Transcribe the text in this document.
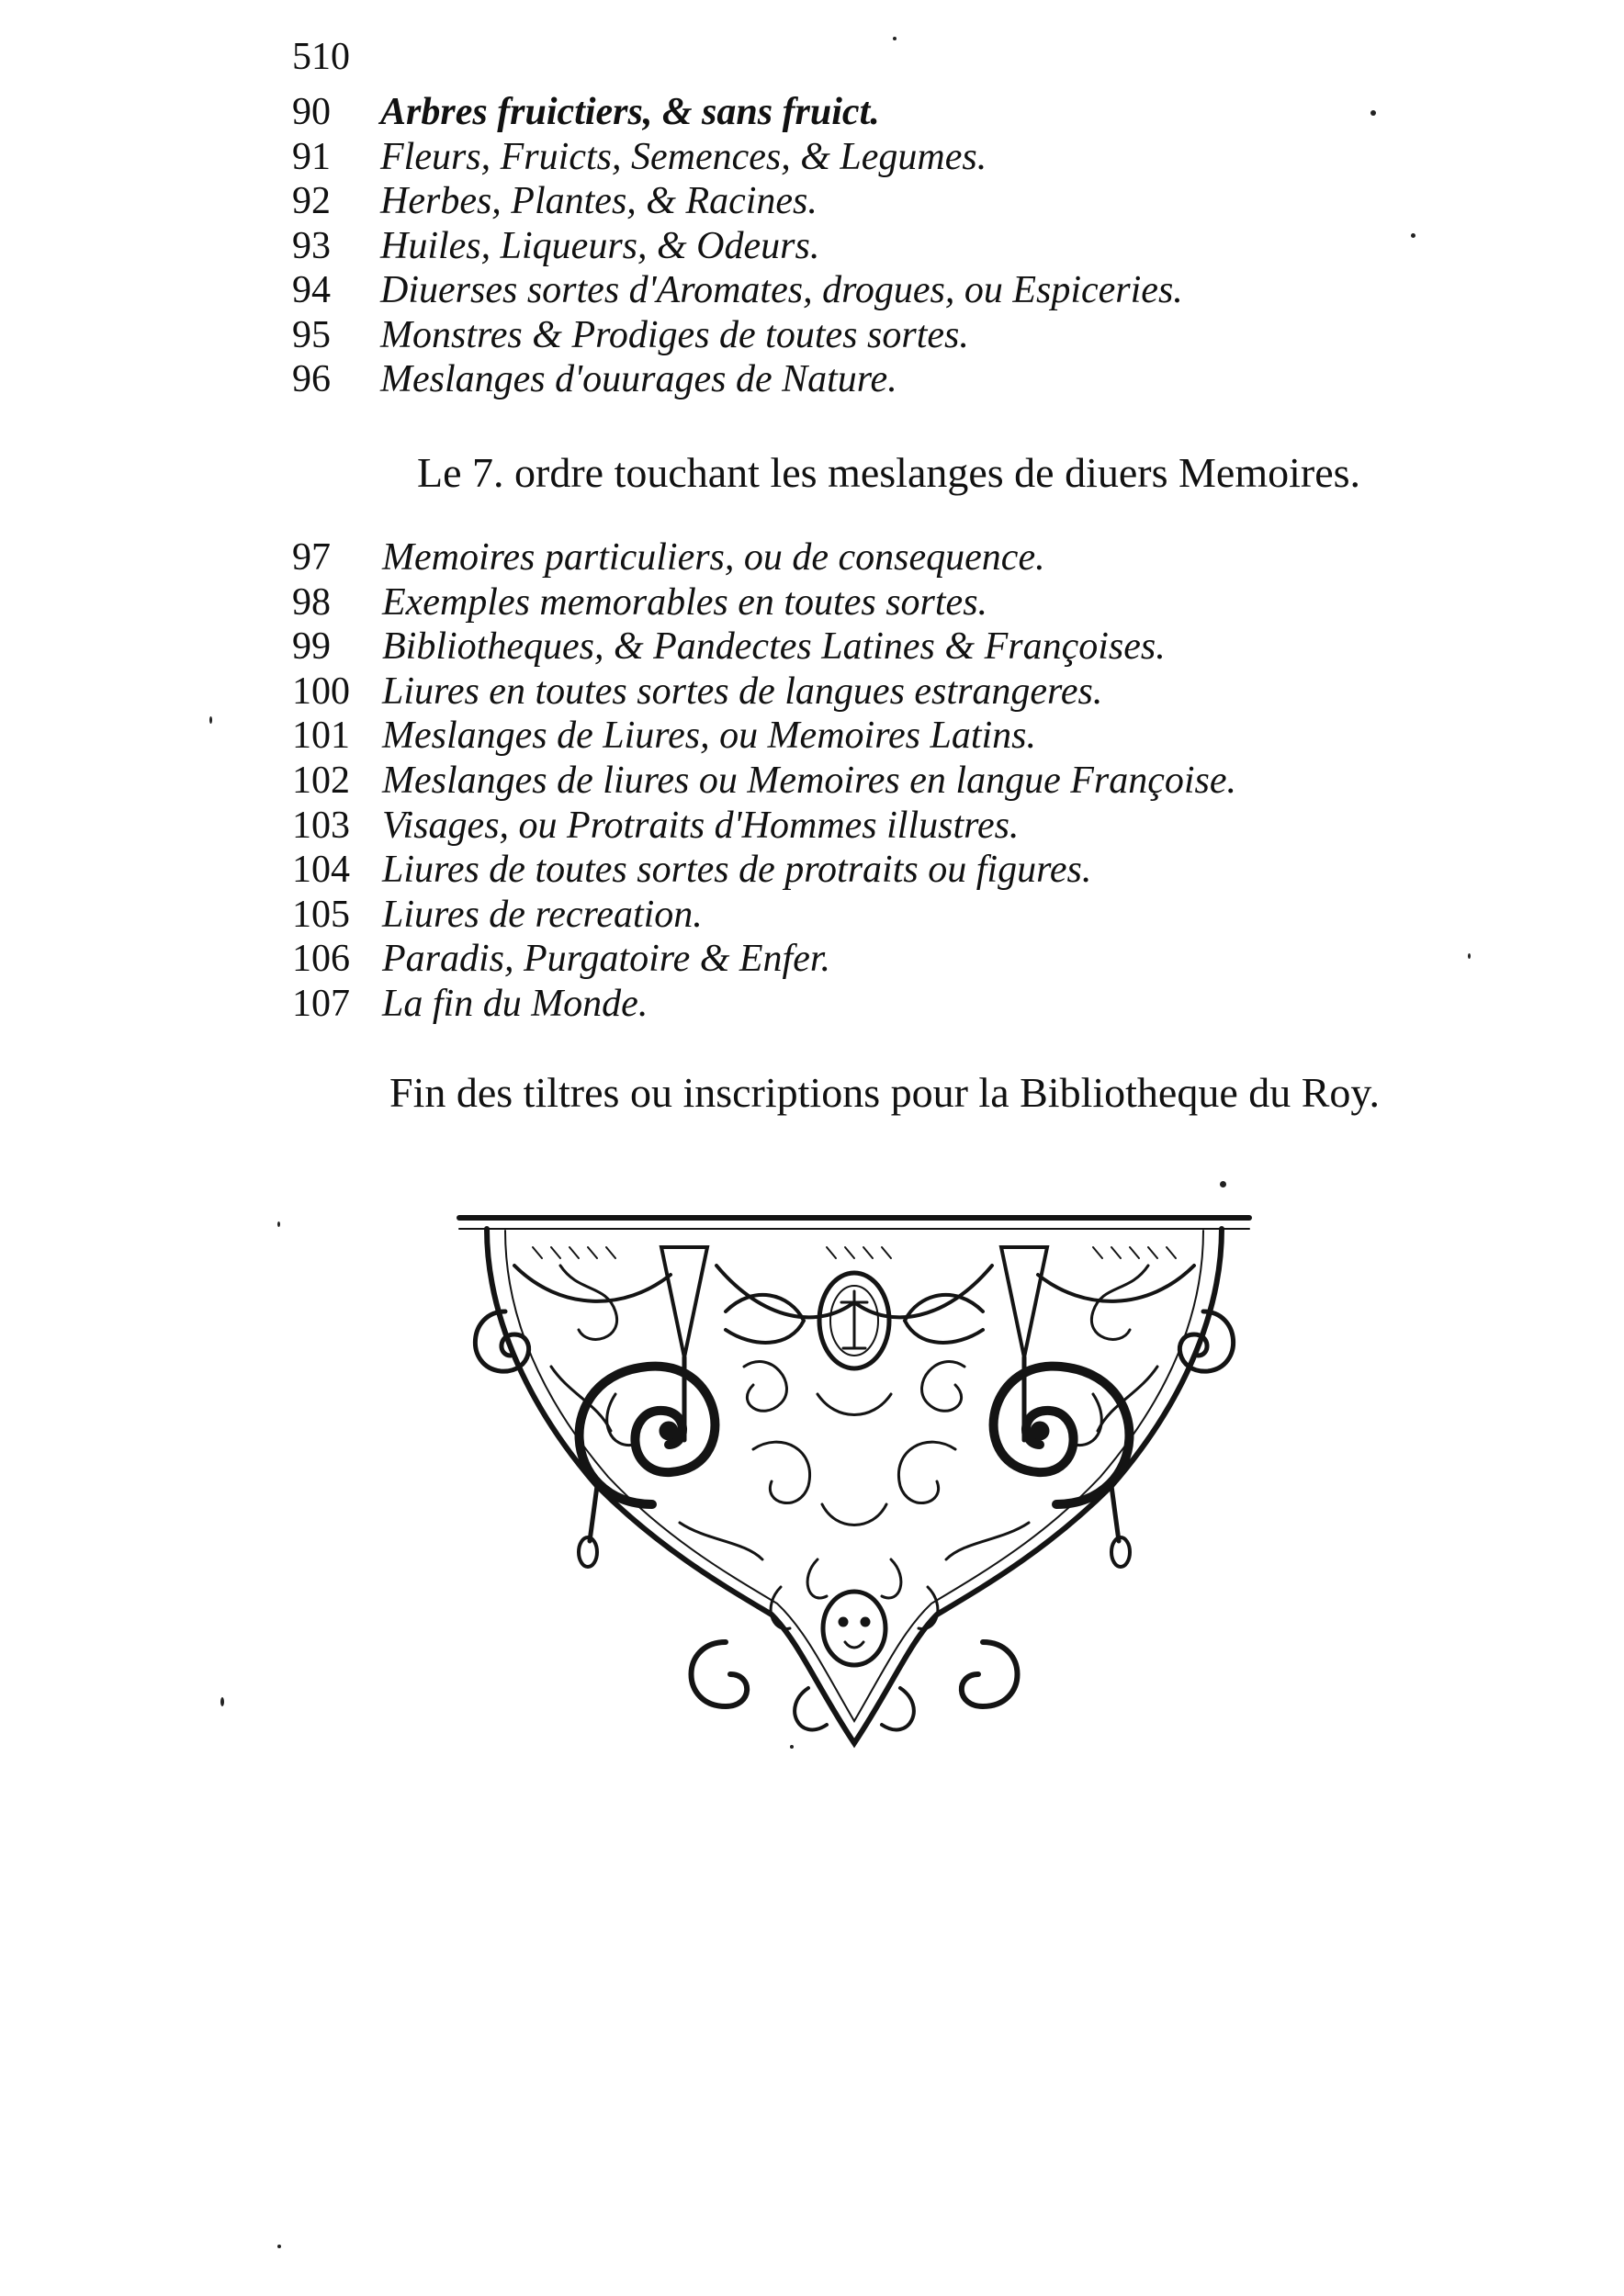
510
90 Arbres fruictiers, & sans fruict.
91 Fleurs, Fruicts, Semences, & Legumes.
92 Herbes, Plantes, & Racines.
93 Huiles, Liqueurs, & Odeurs.
94 Diuerses sortes d'Aromates, drogues, ou Espiceries.
95 Monstres & Prodiges de toutes sortes.
96 Meslanges d'ouurages de Nature.
Le 7. ordre touchant les meslanges de diuers Memoires.
97 Memoires particuliers, ou de consequence.
98 Exemples memorables en toutes sortes.
99 Bibliotheques, & Pandectes Latines & Françoises.
100 Liures en toutes sortes de langues estrangeres.
101 Meslanges de Liures, ou Memoires Latins.
102 Meslanges de liures ou Memoires en langue Françoise.
103 Visages, ou Protraits d'Hommes illustres.
104 Liures de toutes sortes de protraits ou figures.
105 Liures de recreation.
106 Paradis, Purgatoire & Enfer.
107 La fin du Monde.
Fin des tiltres ou inscriptions pour la Bibliotheque du Roy.
